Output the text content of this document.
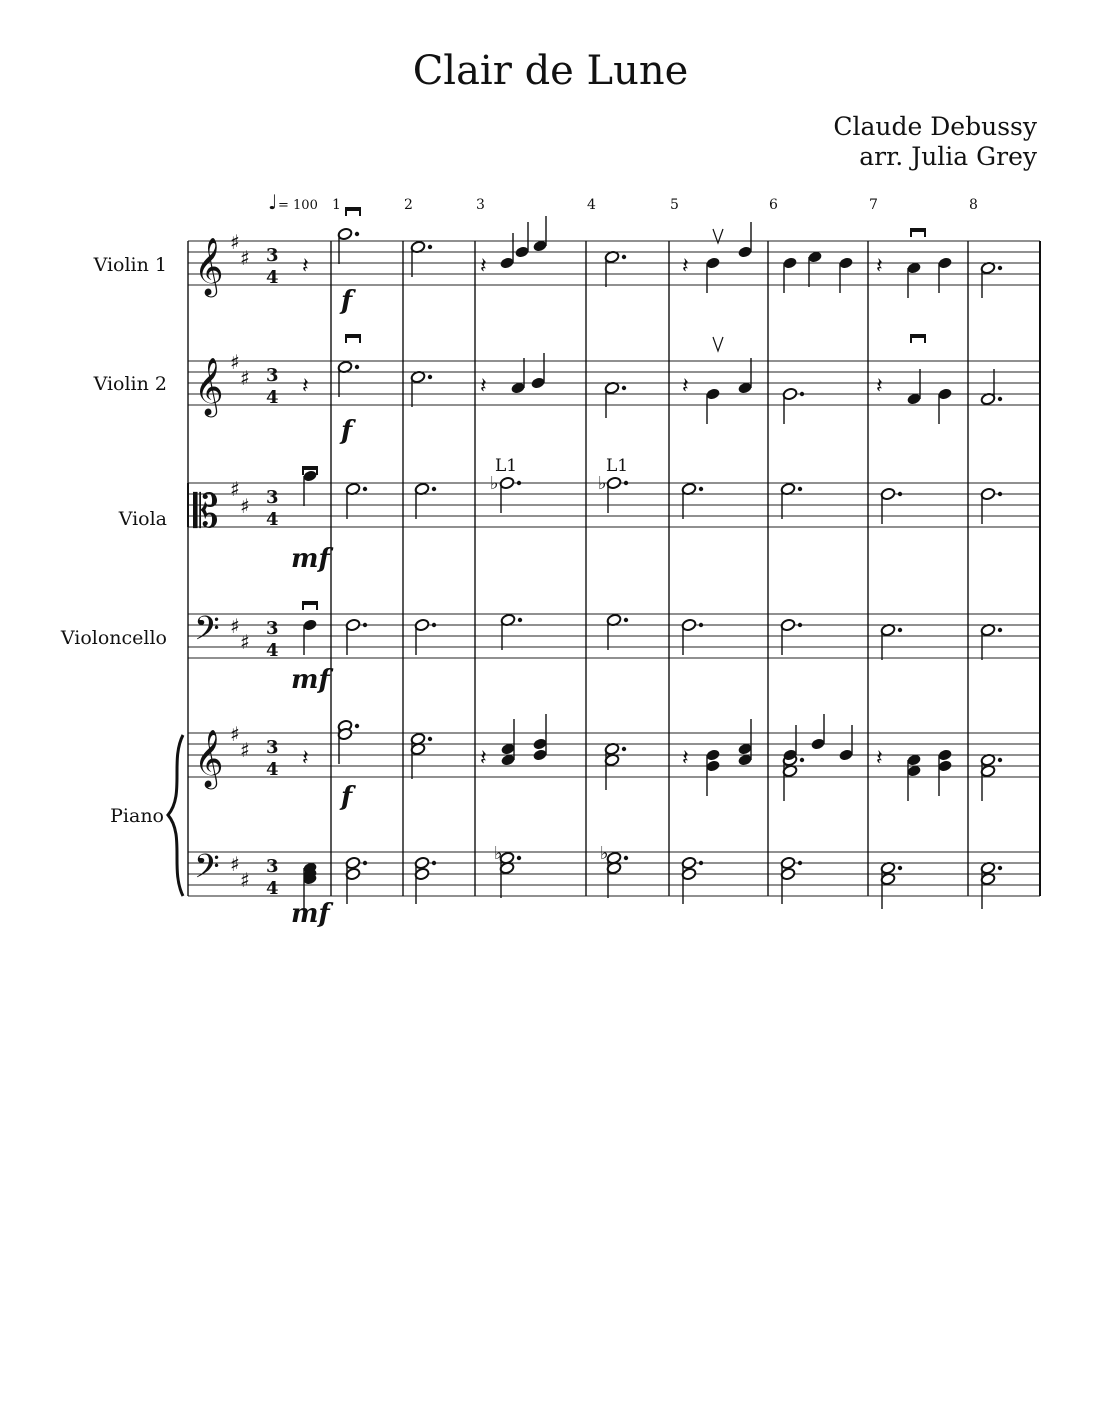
Clair de Lune
Claude Debussy
arr. Julia Grey
Violin 1
Violin 2
Viola
Violoncello
Piano
𝄞 ♯
♯ 3
4
𝄞 ♯
♯ 3
4
𝄡 ♯
♯ 3
4
𝄢 ♯
♯
3
4
𝄞 ♯
♯ 3
4
𝄢 ♯
♯
3
4
♩ = 100 1	2	3	4	5	6	7	8
𝄽	𝄽	𝄽	𝄽
f
𝄽	𝄽	𝄽	𝄽
f
♭
L1
♭
L1
mf
mf
𝄽	𝄽	𝄽	𝄽
f
♭	♭
mf
